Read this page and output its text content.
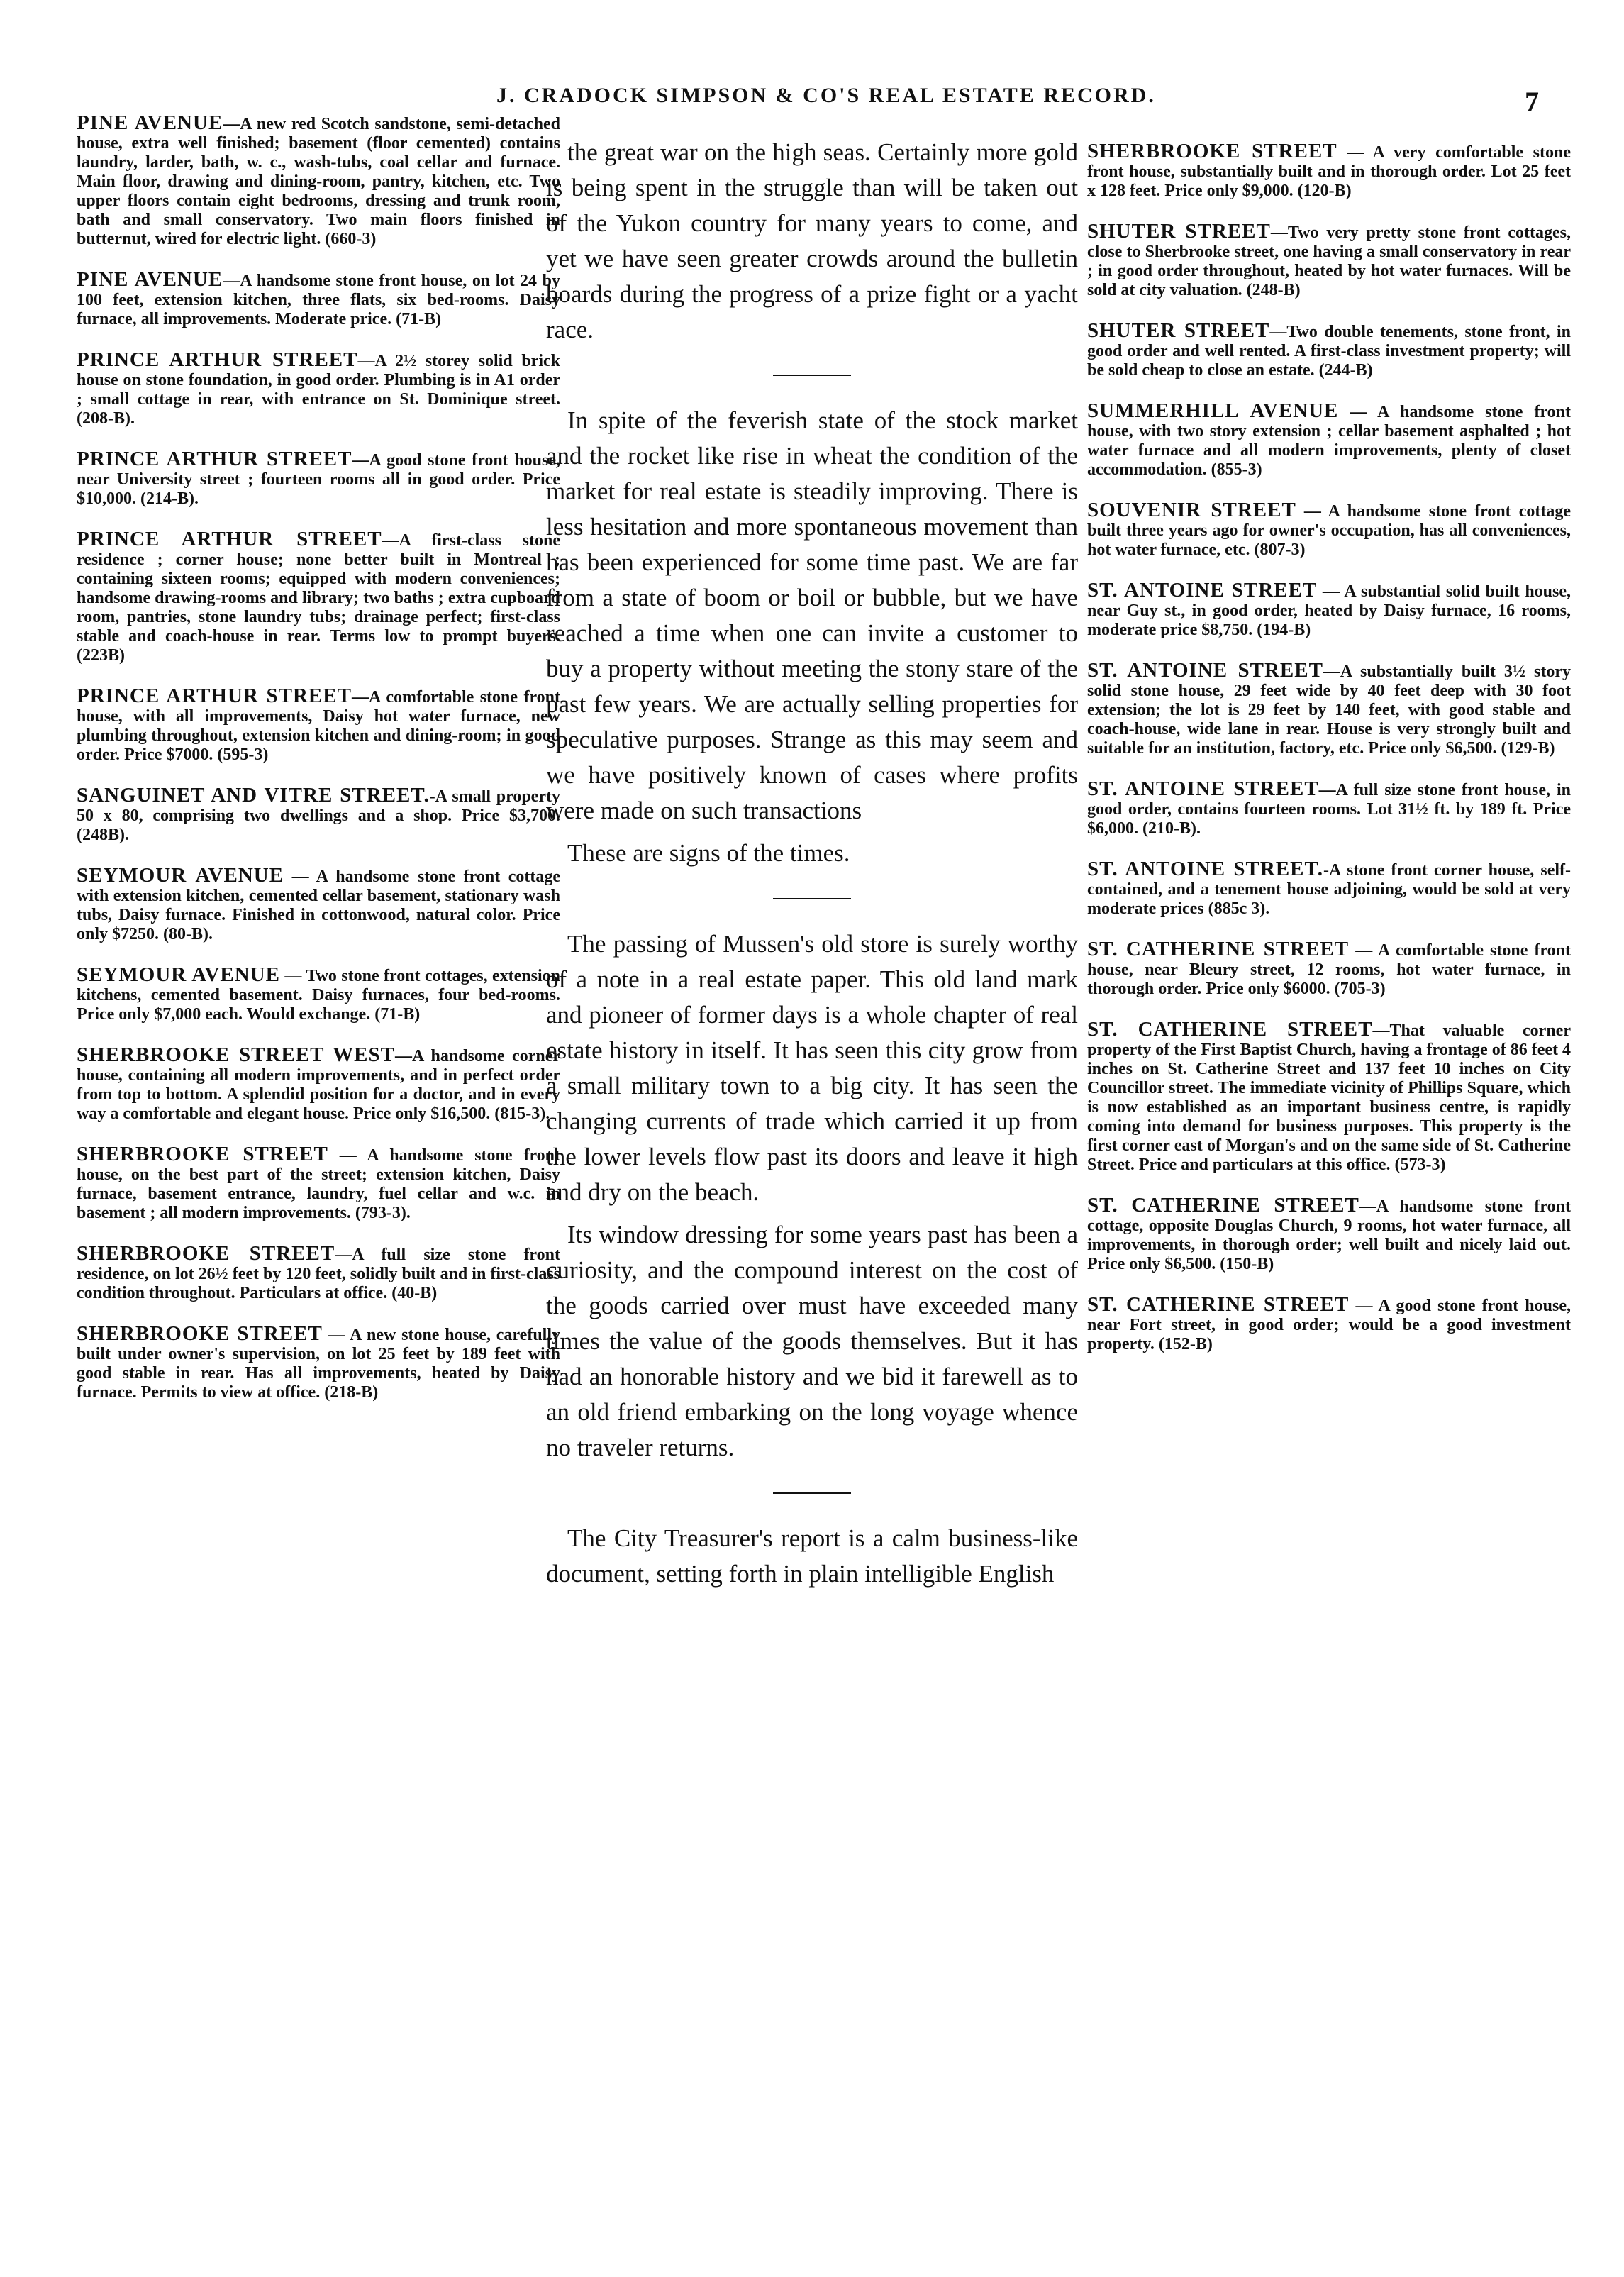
J. CRADOCK SIMPSON & CO'S REAL ESTATE RECORD.	7

PINE AVENUE—A new red Scotch sandstone, semi-detached house, extra well finished; basement (floor cemented) contains laundry, larder, bath, w. c., wash-tubs, coal cellar and furnace. Main floor, drawing and dining-room, pantry, kitchen, etc. Two upper floors contain eight bedrooms, dressing and trunk room, bath and small conservatory. Two main floors finished in butternut, wired for electric light. (660-3)

PINE AVENUE—A handsome stone front house, on lot 24 by 100 feet, extension kitchen, three flats, six bed-rooms. Daisy furnace, all improvements. Moderate price. (71-B)

PRINCE ARTHUR STREET—A 2½ storey solid brick house on stone foundation, in good order. Plumbing is in A1 order ; small cottage in rear, with entrance on St. Dominique street. (208-B).

PRINCE ARTHUR STREET—A good stone front house, near University street ; fourteen rooms all in good order. Price $10,000. (214-B).

PRINCE ARTHUR STREET—A first-class stone residence ; corner house; none better built in Montreal ; containing sixteen rooms; equipped with modern conveniences; handsome drawing-rooms and library; two baths ; extra cupboard room, pantries, stone laundry tubs; drainage perfect; first-class stable and coach-house in rear. Terms low to prompt buyers. (223B)

PRINCE ARTHUR STREET—A comfortable stone front house, with all improvements, Daisy hot water furnace, new plumbing throughout, extension kitchen and dining-room; in good order. Price $7000. (595-3)

SANGUINET AND VITRE STREET.-A small property 50 x 80, comprising two dwellings and a shop. Price $3,700. (248B).

SEYMOUR AVENUE — A handsome stone front cottage with extension kitchen, cemented cellar basement, stationary wash tubs, Daisy furnace. Finished in cottonwood, natural color. Price only $7250. (80-B).

SEYMOUR AVENUE — Two stone front cottages, extension kitchens, cemented basement. Daisy furnaces, four bed-rooms. Price only $7,000 each. Would exchange. (71-B)

SHERBROOKE STREET WEST—A handsome corner house, containing all modern improvements, and in perfect order from top to bottom. A splendid position for a doctor, and in every way a comfortable and elegant house. Price only $16,500. (815-3).

SHERBROOKE STREET — A handsome stone front house, on the best part of the street; extension kitchen, Daisy furnace, basement entrance, laundry, fuel cellar and w.c. in basement ; all modern improvements. (793-3).

SHERBROOKE STREET—A full size stone front residence, on lot 26½ feet by 120 feet, solidly built and in first-class condition throughout. Particulars at office. (40-B)

SHERBROOKE STREET — A new stone house, carefully built under owner's supervision, on lot 25 feet by 189 feet with good stable in rear. Has all improvements, heated by Daisy furnace. Permits to view at office. (218-B)

the great war on the high seas. Certainly more gold is being spent in the struggle than will be taken out of the Yukon country for many years to come, and yet we have seen greater crowds around the bulletin boards during the progress of a prize fight or a yacht race.

In spite of the feverish state of the stock market and the rocket like rise in wheat the condition of the market for real estate is steadily improving. There is less hesitation and more spontaneous movement than has been experienced for some time past. We are far from a state of boom or boil or bubble, but we have reached a time when one can invite a customer to buy a property without meeting the stony stare of the past few years. We are actually selling properties for speculative purposes. Strange as this may seem and we have positively known of cases where profits were made on such transactions

These are signs of the times.

The passing of Mussen's old store is surely worthy of a note in a real estate paper. This old land mark and pioneer of former days is a whole chapter of real estate history in itself. It has seen this city grow from a small military town to a big city. It has seen the changing currents of trade which carried it up from the lower levels flow past its doors and leave it high and dry on the beach.

Its window dressing for some years past has been a curiosity, and the compound interest on the cost of the goods carried over must have exceeded many times the value of the goods themselves. But it has had an honorable history and we bid it farewell as to an old friend embarking on the long voyage whence no traveler returns.

The City Treasurer's report is a calm business-like document, setting forth in plain intelligible English

SHERBROOKE STREET — A very comfortable stone front house, substantially built and in thorough order. Lot 25 feet x 128 feet. Price only $9,000. (120-B)

SHUTER STREET—Two very pretty stone front cottages, close to Sherbrooke street, one having a small conservatory in rear ; in good order throughout, heated by hot water furnaces. Will be sold at city valuation. (248-B)

SHUTER STREET—Two double tenements, stone front, in good order and well rented. A first-class investment property; will be sold cheap to close an estate. (244-B)

SUMMERHILL AVENUE — A handsome stone front house, with two story extension ; cellar basement asphalted ; hot water furnace and all modern improvements, plenty of closet accommodation. (855-3)

SOUVENIR STREET — A handsome stone front cottage built three years ago for owner's occupation, has all conveniences, hot water furnace, etc. (807-3)

ST. ANTOINE STREET — A substantial solid built house, near Guy st., in good order, heated by Daisy furnace, 16 rooms, moderate price $8,750. (194-B)

ST. ANTOINE STREET—A substantially built 3½ story solid stone house, 29 feet wide by 40 feet deep with 30 foot extension; the lot is 29 feet by 140 feet, with good stable and coach-house, wide lane in rear. House is very strongly built and suitable for an institution, factory, etc. Price only $6,500. (129-B)

ST. ANTOINE STREET—A full size stone front house, in good order, contains fourteen rooms. Lot 31½ ft. by 189 ft. Price $6,000. (210-B).

ST. ANTOINE STREET.-A stone front corner house, self-contained, and a tenement house adjoining, would be sold at very moderate prices (885c 3).

ST. CATHERINE STREET — A comfortable stone front house, near Bleury street, 12 rooms, hot water furnace, in thorough order. Price only $6000. (705-3)

ST. CATHERINE STREET—That valuable corner property of the First Baptist Church, having a frontage of 86 feet 4 inches on St. Catherine Street and 137 feet 10 inches on City Councillor street. The immediate vicinity of Phillips Square, which is now established as an important business centre, is rapidly coming into demand for business purposes. This property is the first corner east of Morgan's and on the same side of St. Catherine Street. Price and particulars at this office. (573-3)

ST. CATHERINE STREET—A handsome stone front cottage, opposite Douglas Church, 9 rooms, hot water furnace, all improvements, in thorough order; well built and nicely laid out. Price only $6,500. (150-B)

ST. CATHERINE STREET — A good stone front house, near Fort street, in good order; would be a good investment property. (152-B)
